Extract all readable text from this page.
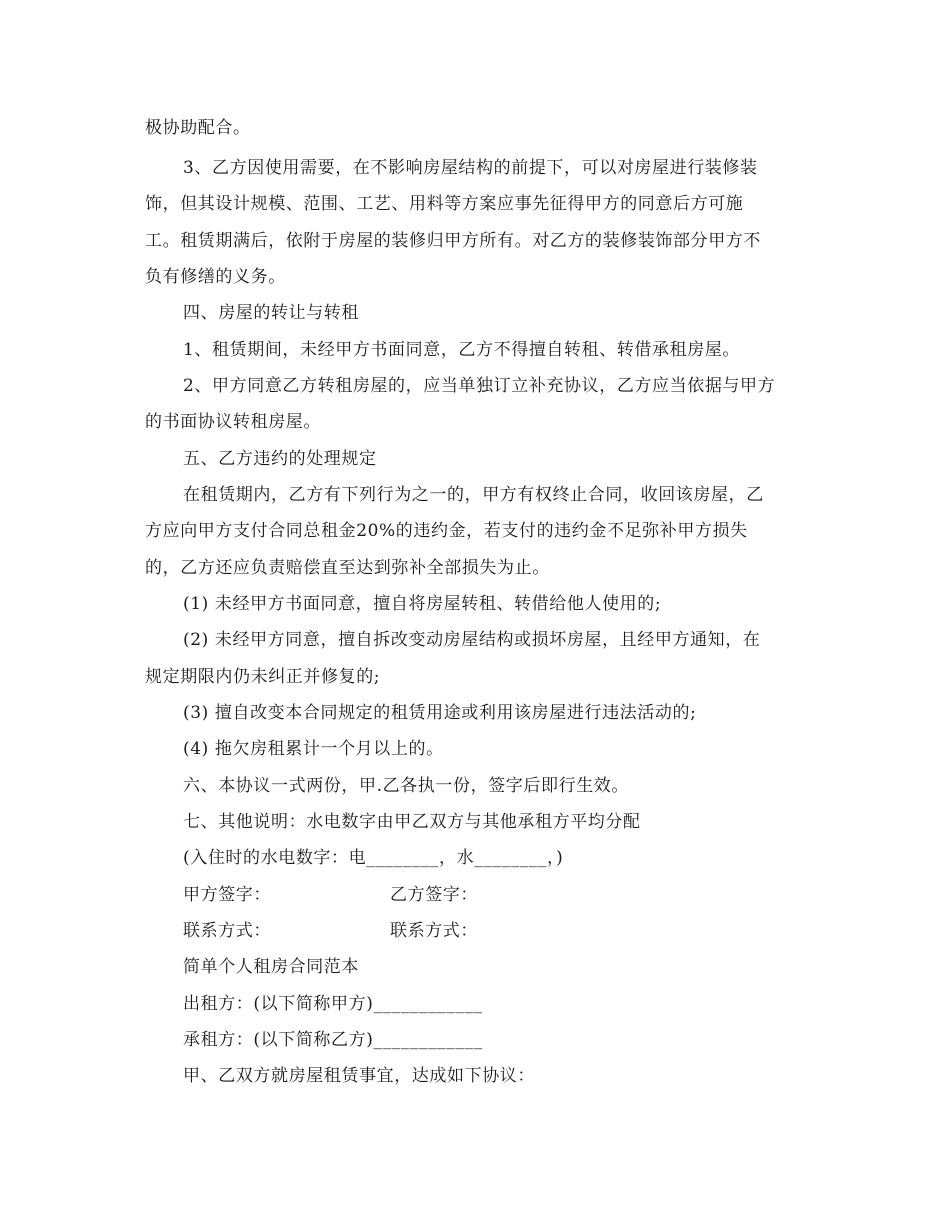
极协助配合。
3、乙方因使用需要，在不影响房屋结构的前提下，可以对房屋进行装修装
饰，但其设计规模、范围、工艺、用料等方案应事先征得甲方的同意后方可施
工。租赁期满后，依附于房屋的装修归甲方所有。对乙方的装修装饰部分甲方不
负有修缮的义务。
四、房屋的转让与转租
1、租赁期间，未经甲方书面同意，乙方不得擅自转租、转借承租房屋。
2、甲方同意乙方转租房屋的，应当单独订立补充协议，乙方应当依据与甲方
的书面协议转租房屋。
五、乙方违约的处理规定
在租赁期内，乙方有下列行为之一的，甲方有权终止合同，收回该房屋，乙
方应向甲方支付合同总租金20%的违约金，若支付的违约金不足弥补甲方损失
的，乙方还应负责赔偿直至达到弥补全部损失为止。
(1) 未经甲方书面同意，擅自将房屋转租、转借给他人使用的;
(2) 未经甲方同意，擅自拆改变动房屋结构或损坏房屋，且经甲方通知，在
规定期限内仍未纠正并修复的;
(3) 擅自改变本合同规定的租赁用途或利用该房屋进行违法活动的;
(4) 拖欠房租累计一个月以上的。
六、本协议一式两份，甲.乙各执一份，签字后即行生效。
七、其他说明：水电数字由甲乙双方与其他承租方平均分配
(入住时的水电数字：电________，水________，)
甲方签字：	乙方签字：
联系方式：	联系方式：
简单个人租房合同范本
出租方：(以下简称甲方)____________
承租方：(以下简称乙方)____________
甲、乙双方就房屋租赁事宜，达成如下协议：
